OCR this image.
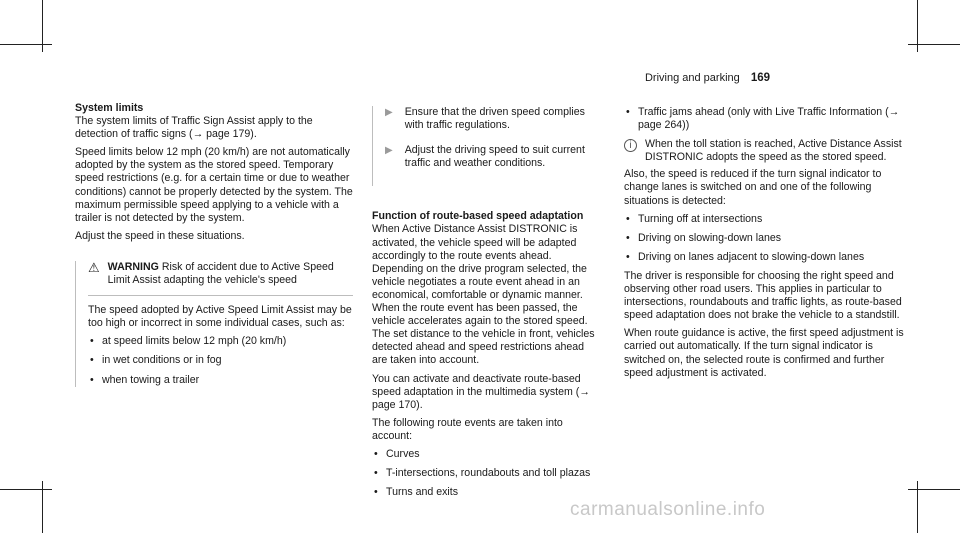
Driving and parking 169
System limits

The system limits of Traffic Sign Assist apply to the detection of traffic signs (→ page 179).

Speed limits below 12 mph (20 km/h) are not automatically adopted by the system as the stored speed. Temporary speed restrictions (e.g. for a certain time or due to weather conditions) cannot be properly detected by the system. The maximum permissible speed applying to a vehicle with a trailer is not detected by the system.

Adjust the speed in these situations.

⚠ WARNING Risk of accident due to Active Speed Limit Assist adapting the vehicle's speed

The speed adopted by Active Speed Limit Assist may be too high or incorrect in some individual cases, such as:

• at speed limits below 12 mph (20 km/h)
• in wet conditions or in fog
• when towing a trailer
▶ Ensure that the driven speed complies with traffic regulations.
▶ Adjust the driving speed to suit current traffic and weather conditions.
Function of route-based speed adaptation

When Active Distance Assist DISTRONIC is activated, the vehicle speed will be adapted accordingly to the route events ahead. Depending on the drive program selected, the vehicle negotiates a route event ahead in an economical, comfortable or dynamic manner. When the route event has been passed, the vehicle accelerates again to the stored speed. The set distance to the vehicle in front, vehicles detected ahead and speed restrictions ahead are taken into account.

You can activate and deactivate route-based speed adaptation in the multimedia system (→ page 170).

The following route events are taken into account:

• Curves
• T-intersections, roundabouts and toll plazas
• Turns and exits
• Traffic jams ahead (only with Live Traffic Information (→ page 264))
i	When the toll station is reached, Active Distance Assist DISTRONIC adopts the speed as the stored speed.

Also, the speed is reduced if the turn signal indicator to change lanes is switched on and one of the following situations is detected:

• Turning off at intersections
• Driving on slowing-down lanes
• Driving on lanes adjacent to slowing-down lanes

The driver is responsible for choosing the right speed and observing other road users. This applies in particular to intersections, roundabouts and traffic lights, as route-based speed adaptation does not brake the vehicle to a standstill.

When route guidance is active, the first speed adjustment is carried out automatically. If the turn signal indicator is switched on, the selected route is confirmed and further speed adjustment is activated.

carmanualsonline.info
